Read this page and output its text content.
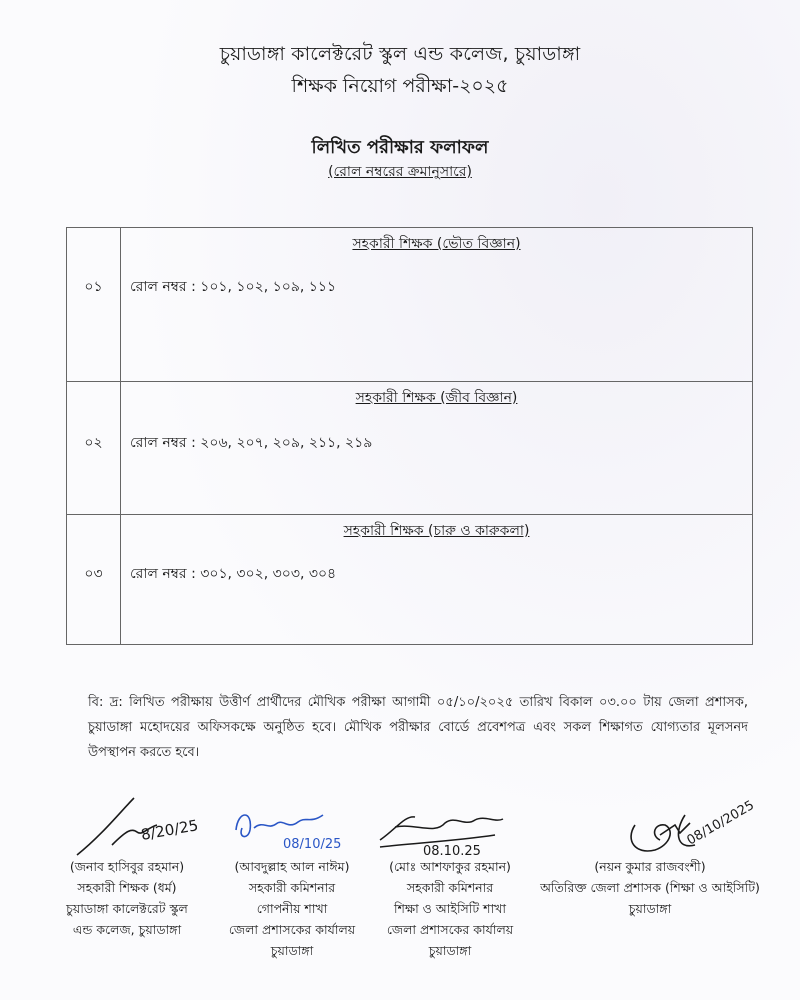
চুয়াডাঙ্গা কালেক্টরেট স্কুল এন্ড কলেজ, চুয়াডাঙ্গা
শিক্ষক নিয়োগ পরীক্ষা-২০২৫
লিখিত পরীক্ষার ফলাফল
(রোল নম্বরের ক্রমানুসারে)
সহকারী শিক্ষক (ভৌত বিজ্ঞান)
০১	রোল নম্বর : ১০১, ১০২, ১০৯, ১১১
সহকারী শিক্ষক (জীব বিজ্ঞান)
০২	রোল নম্বর : ২০৬, ২০৭, ২০৯, ২১১, ২১৯
সহকারী শিক্ষক (চারু ও কারুকলা)
০৩	রোল নম্বর : ৩০১, ৩০২, ৩০৩, ৩০৪
বি: দ্র: লিখিত পরীক্ষায় উত্তীর্ণ প্রার্থীদের মৌখিক পরীক্ষা আগামী ০৫/১০/২০২৫ তারিখ বিকাল ০৩.০০ টায় জেলা প্রশাসক, চুয়াডাঙ্গা মহোদয়ের অফিসকক্ষে অনুষ্ঠিত হবে। মৌখিক পরীক্ষার বোর্ডে প্রবেশপত্র এবং সকল শিক্ষাগত যোগ্যতার মূলসনদ উপস্থাপন করতে হবে।
8/20/25
08/10/25	08.10.25
08/10/2025
(জনাব হাসিবুর রহমান)
সহকারী শিক্ষক (ধর্ম)
চুয়াডাঙ্গা কালেক্টরেট স্কুল
এন্ড কলেজ, চুয়াডাঙ্গা
(আবদুল্লাহ আল নাঈম)
সহকারী কমিশনার
গোপনীয় শাখা
জেলা প্রশাসকের কার্যালয়
চুয়াডাঙ্গা
(মোঃ আশফাকুর রহমান)
সহকারী কমিশনার
শিক্ষা ও আইসিটি শাখা
জেলা প্রশাসকের কার্যালয়
চুয়াডাঙ্গা
(নয়ন কুমার রাজবংশী)
অতিরিক্ত জেলা প্রশাসক (শিক্ষা ও আইসিটি)
চুয়াডাঙ্গা
